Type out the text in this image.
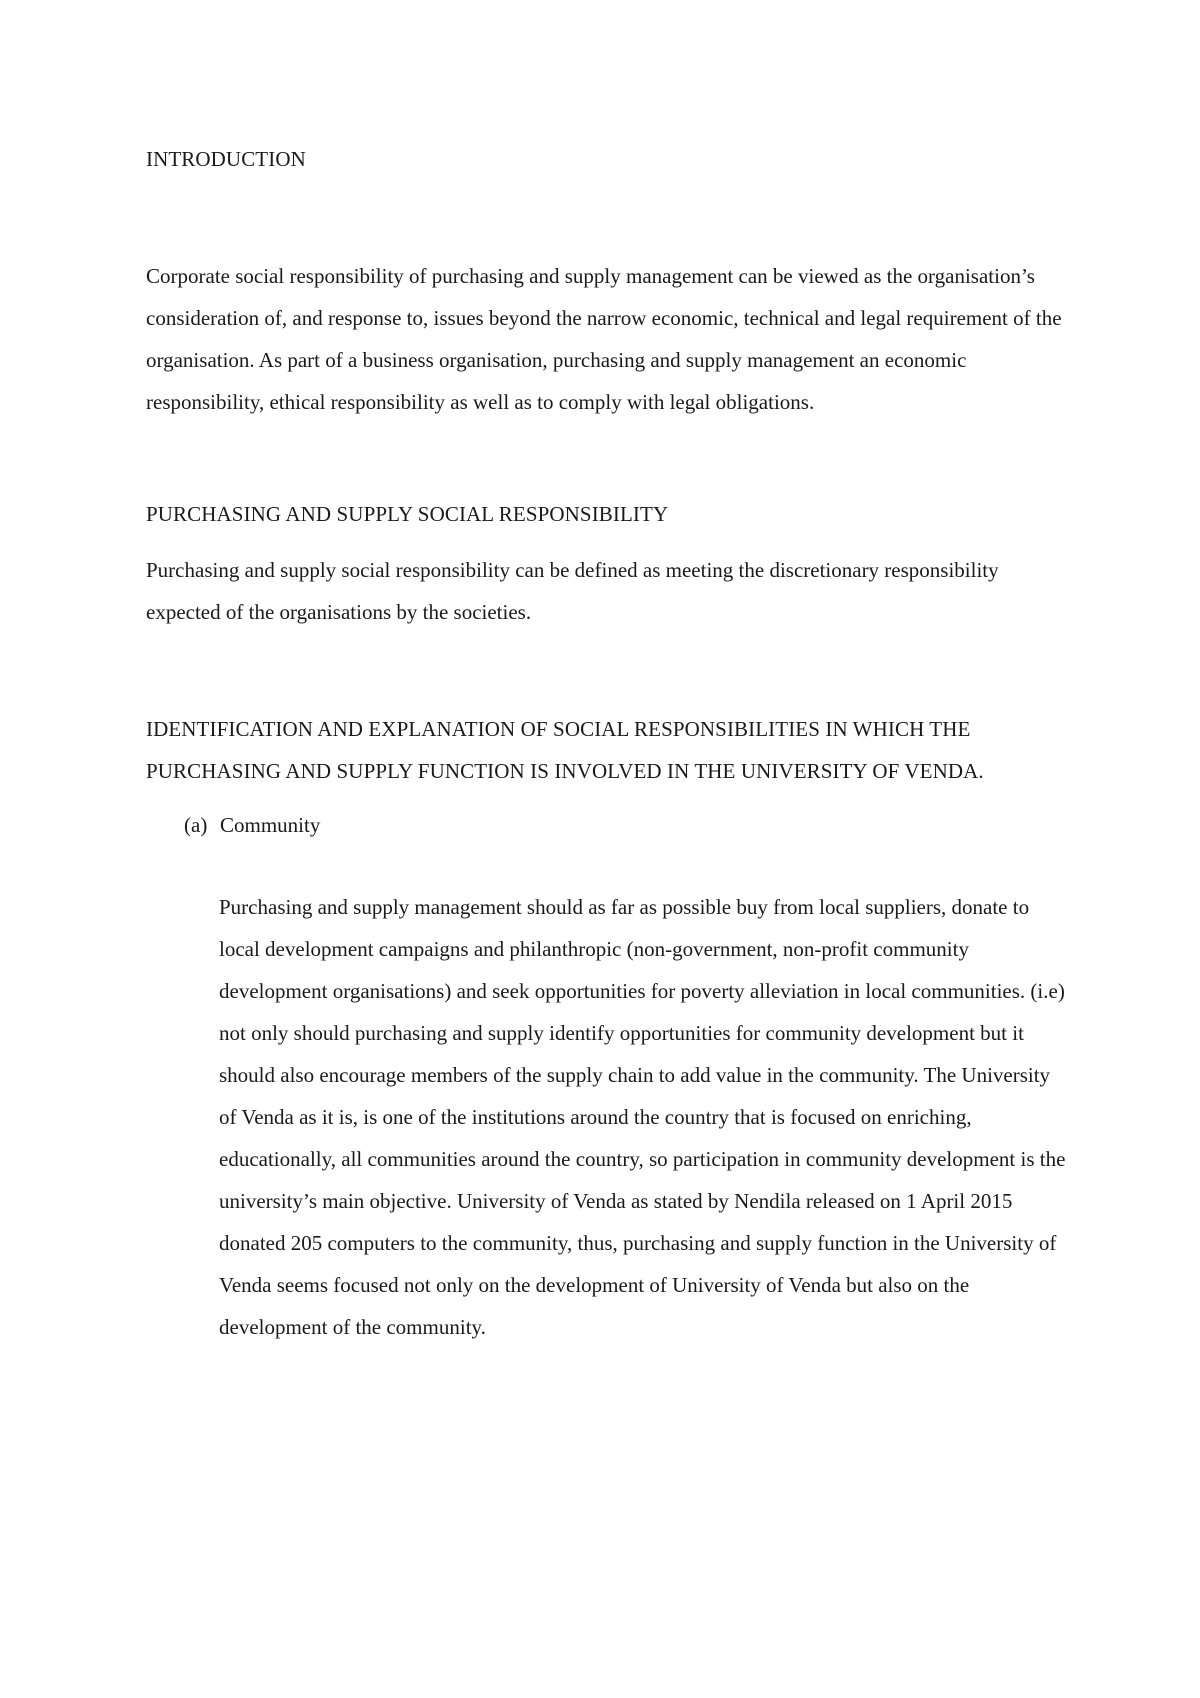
INTRODUCTION

Corporate social responsibility of purchasing and supply management can be viewed as the organisation’s consideration of, and response to, issues beyond the narrow economic, technical and legal requirement of the organisation. As part of a business organisation, purchasing and supply management an economic responsibility, ethical responsibility as well as to comply with legal obligations.

PURCHASING AND SUPPLY SOCIAL RESPONSIBILITY

Purchasing and supply social responsibility can be defined as meeting the discretionary responsibility expected of the organisations by the societies.

IDENTIFICATION AND EXPLANATION OF SOCIAL RESPONSIBILITIES IN WHICH THE PURCHASING AND SUPPLY FUNCTION IS INVOLVED IN THE UNIVERSITY OF VENDA.
(a) Community

Purchasing and supply management should as far as possible buy from local suppliers, donate to local development campaigns and philanthropic (non-government, non-profit community development organisations) and seek opportunities for poverty alleviation in local communities. (i.e) not only should purchasing and supply identify opportunities for community development but it should also encourage members of the supply chain to add value in the community. The University of Venda as it is, is one of the institutions around the country that is focused on enriching, educationally, all communities around the country, so participation in community development is the university’s main objective. University of Venda as stated by Nendila released on 1 April 2015 donated 205 computers to the community, thus, purchasing and supply function in the University of Venda seems focused not only on the development of University of Venda but also on the development of the community.
